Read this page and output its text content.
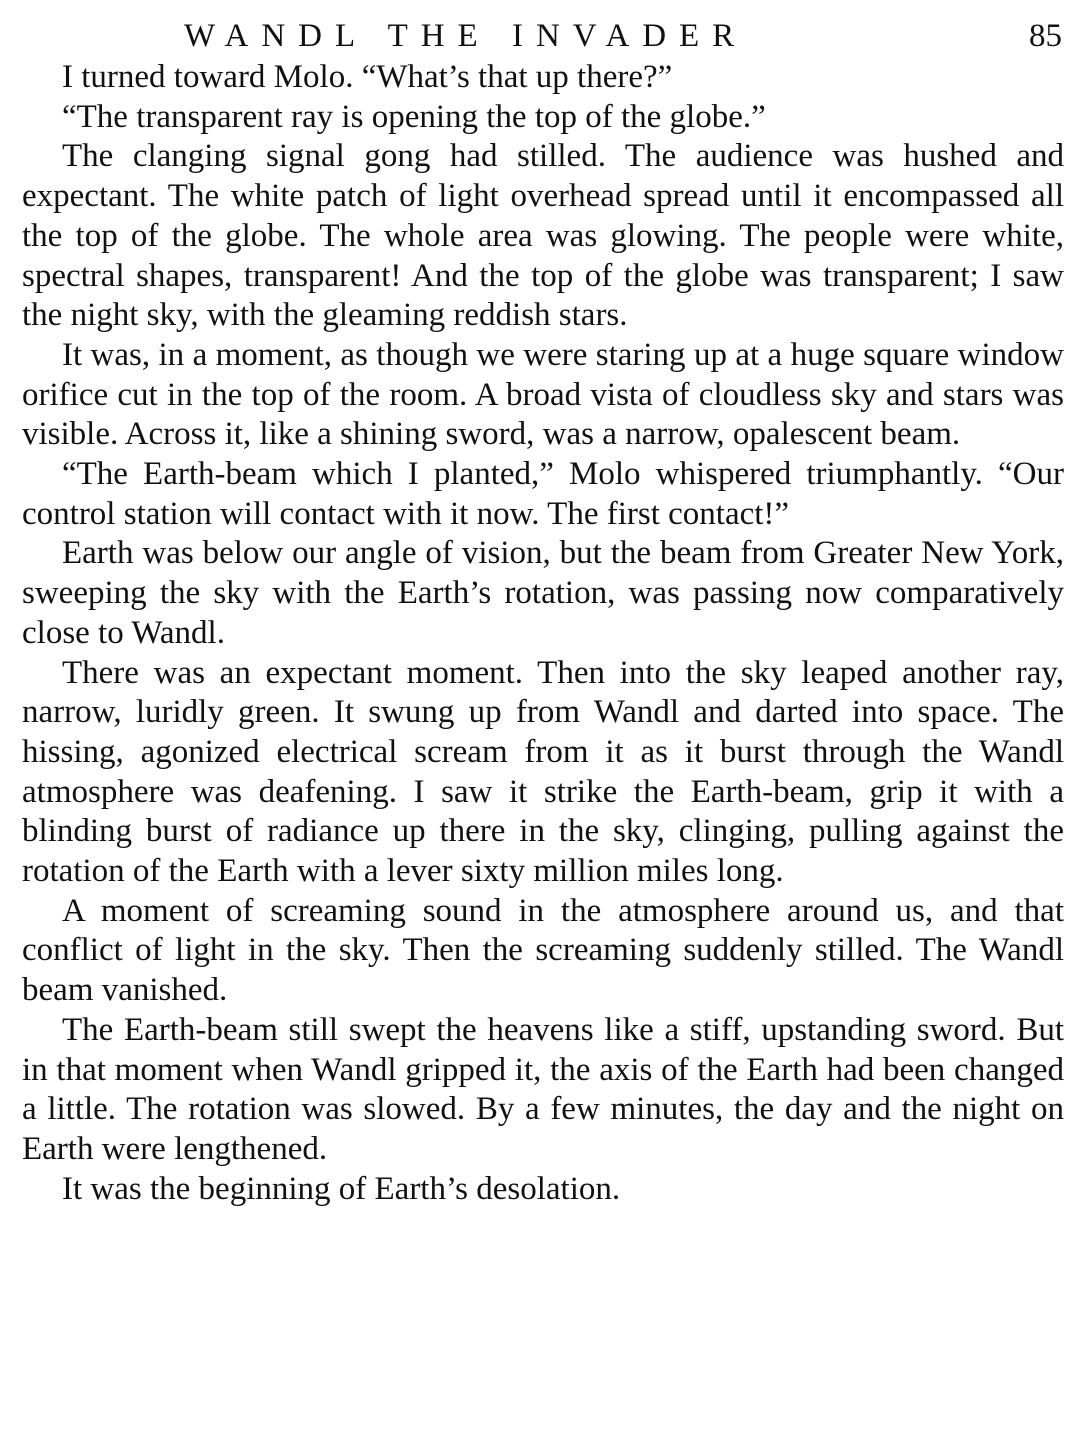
WANDL THE INVADER	85

I turned toward Molo. “What’s that up there?”

“The transparent ray is opening the top of the globe.”

The clanging signal gong had stilled. The audience was hushed and expectant. The white patch of light overhead spread until it encompassed all the top of the globe. The whole area was glowing. The people were white, spectral shapes, transparent! And the top of the globe was transparent; I saw the night sky, with the gleaming reddish stars.

It was, in a moment, as though we were staring up at a huge square window orifice cut in the top of the room. A broad vista of cloudless sky and stars was visible. Across it, like a shining sword, was a narrow, opalescent beam.

“The Earth-beam which I planted,” Molo whispered triumphantly. “Our control station will contact with it now. The first contact!”

Earth was below our angle of vision, but the beam from Greater New York, sweeping the sky with the Earth’s rotation, was passing now comparatively close to Wandl.

There was an expectant moment. Then into the sky leaped another ray, narrow, luridly green. It swung up from Wandl and darted into space. The hissing, agonized electrical scream from it as it burst through the Wandl atmosphere was deafening. I saw it strike the Earth-beam, grip it with a blinding burst of radiance up there in the sky, clinging, pulling against the rotation of the Earth with a lever sixty million miles long.

A moment of screaming sound in the atmosphere around us, and that conflict of light in the sky. Then the screaming suddenly stilled. The Wandl beam vanished.

The Earth-beam still swept the heavens like a stiff, upstanding sword. But in that moment when Wandl gripped it, the axis of the Earth had been changed a little. The rotation was slowed. By a few minutes, the day and the night on Earth were lengthened.

It was the beginning of Earth’s desolation.
